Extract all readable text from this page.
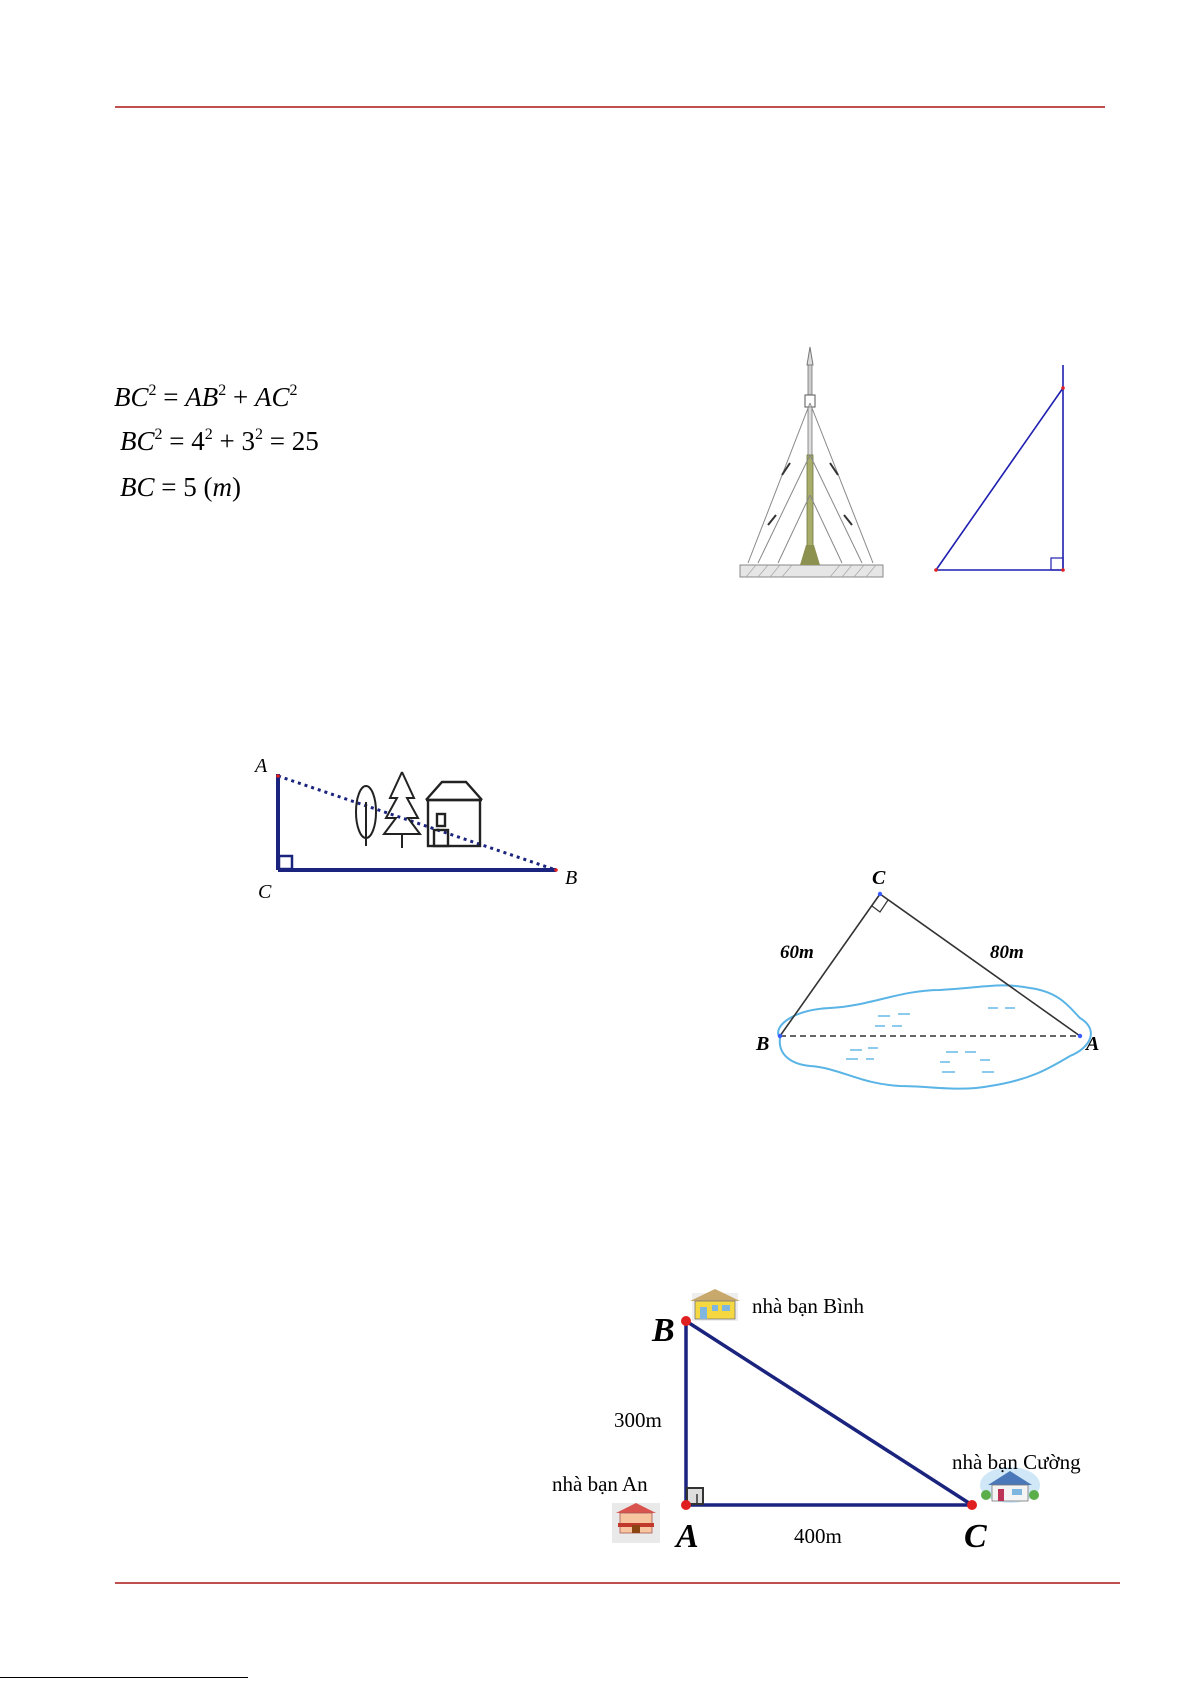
$BC^2 = AB^2 + AC^2$
$BC^2 = 4^2 + 3^2 = 25$
BC = 5 (m)
A
C
B	C
B	A
60m	80m
B
A	C
300m
400m
nhà bạn Bình
nhà bạn An
nhà bạn Cường
